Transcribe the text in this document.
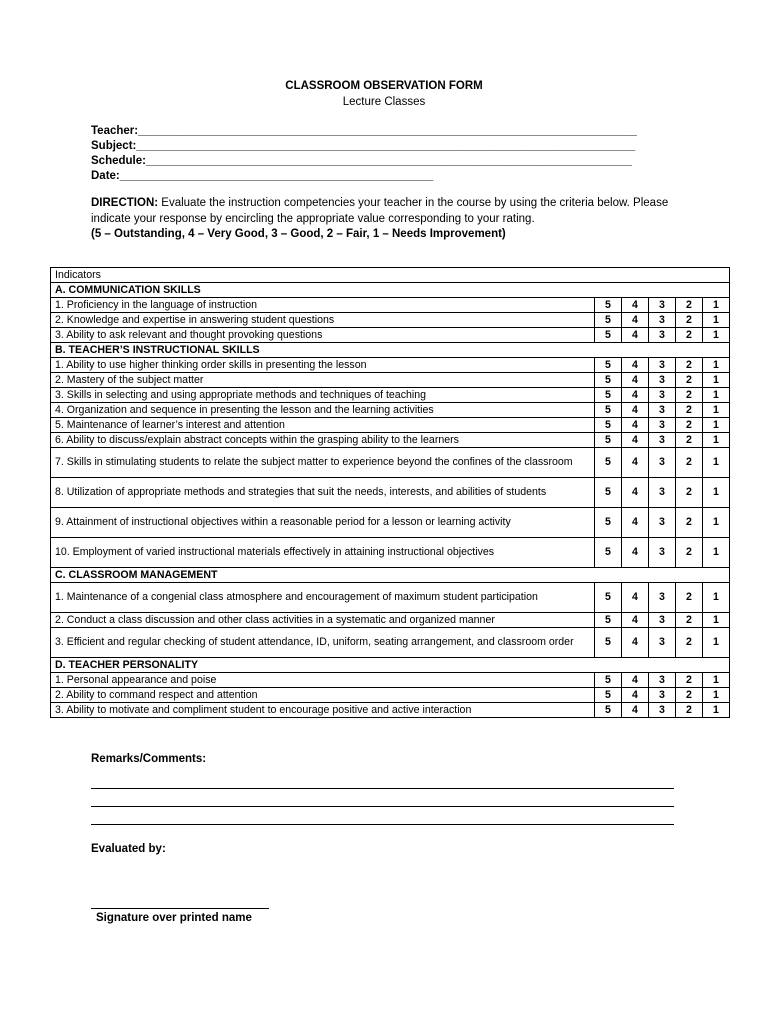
CLASSROOM OBSERVATION FORM
Lecture Classes
Teacher:______________________________________________________________________________
Subject:______________________________________________________________________________
Schedule:____________________________________________________________________________
Date:_________________________________________________
DIRECTION: Evaluate the instruction competencies your teacher in the course by using the criteria below. Please indicate your response by encircling the appropriate value corresponding to your rating.
(5 – Outstanding, 4 – Very Good, 3 – Good, 2 – Fair, 1 – Needs Improvement)
Indicators					
A. COMMUNICATION SKILLS					
1. Proficiency in the language of instruction	5	4	3	2	1
2. Knowledge and expertise in answering student questions	5	4	3	2	1
3. Ability to ask relevant and thought provoking questions	5	4	3	2	1
B. TEACHER’S INSTRUCTIONAL SKILLS					
1. Ability to use higher thinking order skills in presenting the lesson	5	4	3	2	1
2. Mastery of the subject matter	5	4	3	2	1
3. Skills in selecting and using appropriate methods and techniques of teaching	5	4	3	2	1
4. Organization and sequence in presenting the lesson and the learning activities	5	4	3	2	1
5. Maintenance of learner’s interest and attention	5	4	3	2	1
6. Ability to discuss/explain abstract concepts within the grasping ability to the learners	5	4	3	2	1
7. Skills in stimulating students to relate the subject matter to experience beyond the confines of the classroom	5	4	3	2	1
8. Utilization of appropriate methods and strategies that suit the needs, interests, and abilities of students	5	4	3	2	1
9. Attainment of instructional objectives within a reasonable period for a lesson or learning activity	5	4	3	2	1
10. Employment of varied instructional materials effectively in attaining instructional objectives	5	4	3	2	1
C. CLASSROOM MANAGEMENT					
1. Maintenance of a congenial class atmosphere and encouragement of maximum student participation	5	4	3	2	1
2. Conduct a class discussion and other class activities in a systematic and organized manner	5	4	3	2	1
3. Efficient and regular checking of student attendance, ID, uniform, seating arrangement, and classroom order	5	4	3	2	1
D. TEACHER PERSONALITY					
1. Personal appearance and poise	5	4	3	2	1
2. Ability to command respect and attention	5	4	3	2	1
3. Ability to motivate and compliment student to encourage positive and active interaction	5	4	3	2	1
Remarks/Comments:
Evaluated by:
Signature over printed name
